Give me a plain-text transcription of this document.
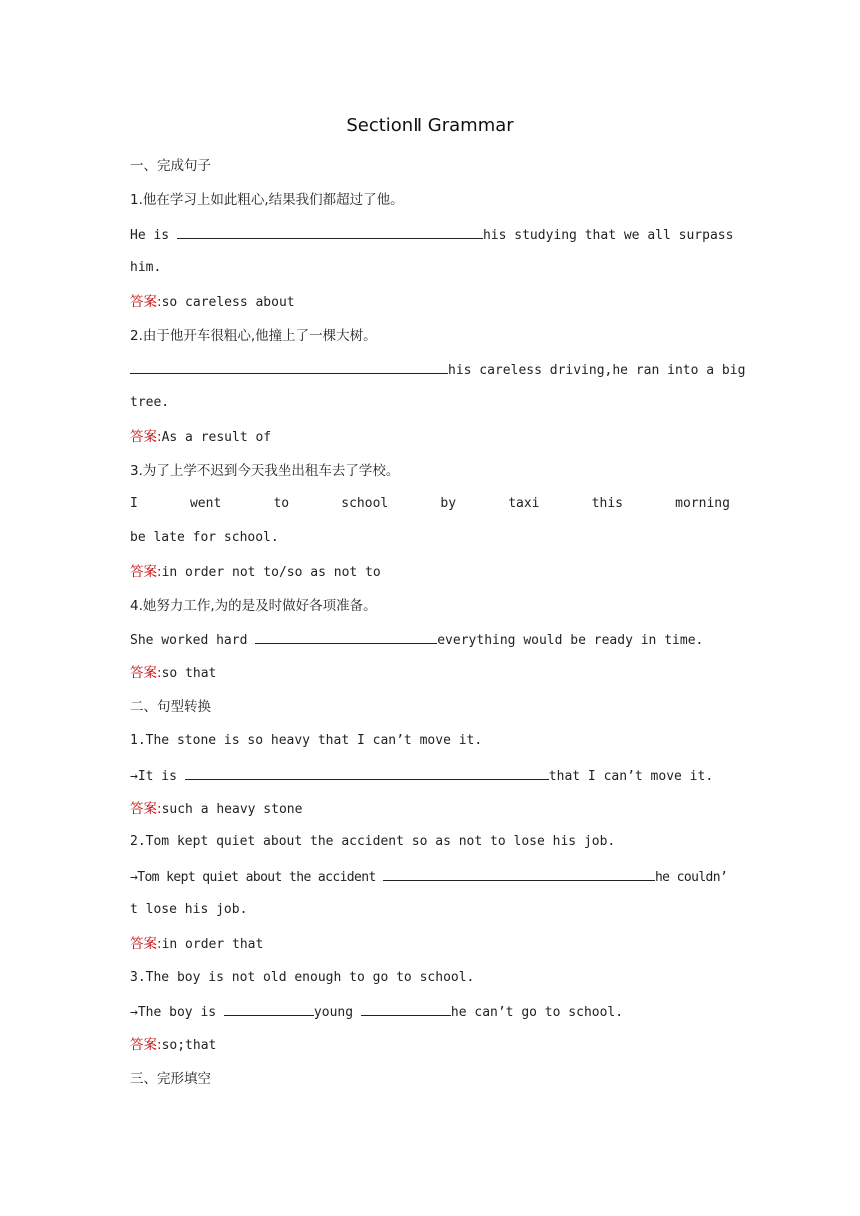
SectionⅡ Grammar
一、完成句子
1.他在学习上如此粗心,结果我们都超过了他。
He is	his studying that we all surpass
him.
答案:so careless about
2.由于他开车很粗心,他撞上了一棵大树。
his careless driving,he ran into a big
tree.
答案:As a result of
3.为了上学不迟到今天我坐出租车去了学校。
I	went	to	school	by	taxi	this	morning
be late for school.
答案:in order not to/so as not to
4.她努力工作,为的是及时做好各项准备。
She worked hard	everything would be ready in time.
答案:so that
二、句型转换
1.The stone is so heavy that I can’t move it.
→It is	that I can’t move it.
答案:such a heavy stone
2.Tom kept quiet about the accident so as not to lose his job.
→Tom kept quiet about the accident	he couldn’
t lose his job.
答案:in order that
3.The boy is not old enough to go to school.
→The boy is	young	he can’t go to school.
答案:so;that
三、完形填空
